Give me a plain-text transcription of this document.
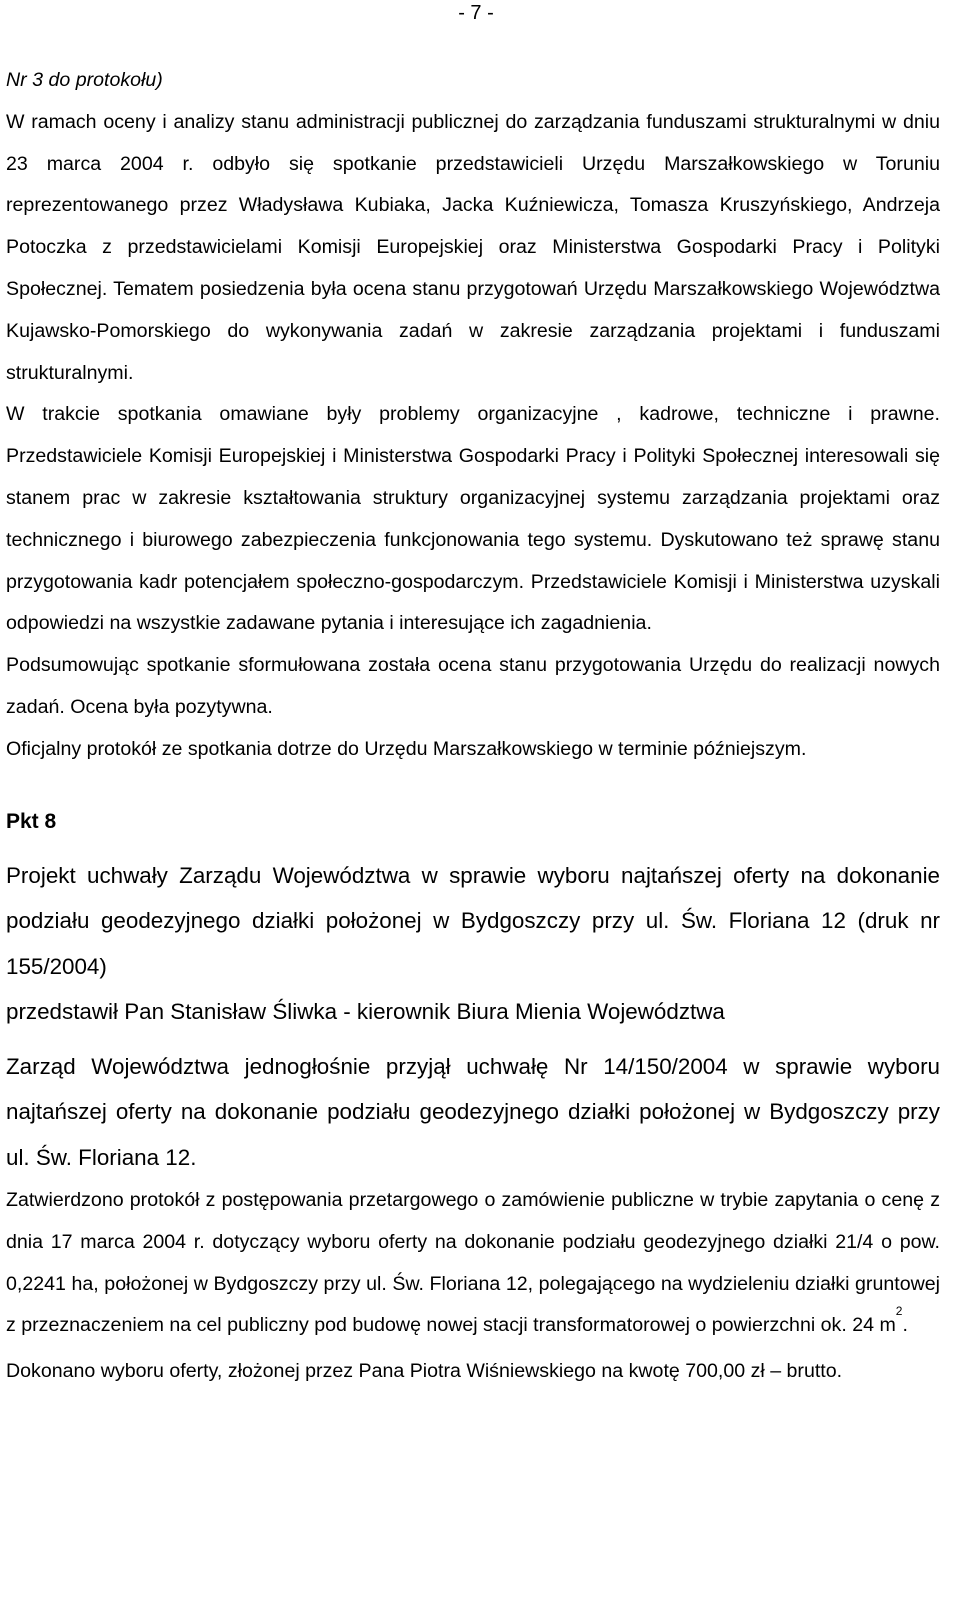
- 7 -

Nr 3 do protokołu)

W ramach oceny i analizy stanu administracji publicznej do zarządzania funduszami strukturalnymi w dniu 23 marca 2004 r. odbyło się spotkanie przedstawicieli Urzędu Marszałkowskiego w Toruniu reprezentowanego przez Władysława Kubiaka, Jacka Kuźniewicza, Tomasza Kruszyńskiego, Andrzeja Potoczka z przedstawicielami Komisji Europejskiej oraz Ministerstwa Gospodarki Pracy i Polityki Społecznej. Tematem posiedzenia była ocena stanu przygotowań Urzędu Marszałkowskiego Województwa Kujawsko-Pomorskiego do wykonywania zadań w zakresie zarządzania projektami i funduszami strukturalnymi.

W trakcie spotkania omawiane były problemy organizacyjne , kadrowe, techniczne i prawne. Przedstawiciele Komisji Europejskiej i Ministerstwa Gospodarki Pracy i Polityki Społecznej interesowali się stanem prac w zakresie kształtowania struktury organizacyjnej systemu zarządzania projektami oraz technicznego i biurowego zabezpieczenia funkcjonowania tego systemu. Dyskutowano też sprawę stanu przygotowania kadr potencjałem społeczno-gospodarczym. Przedstawiciele Komisji i Ministerstwa uzyskali odpowiedzi na wszystkie zadawane pytania i interesujące ich zagadnienia.

Podsumowując spotkanie sformułowana została ocena stanu przygotowania Urzędu do realizacji nowych zadań. Ocena była pozytywna.

Oficjalny protokół ze spotkania dotrze do Urzędu Marszałkowskiego w terminie późniejszym.

Pkt 8

Projekt uchwały Zarządu Województwa w sprawie wyboru najtańszej oferty na dokonanie podziału geodezyjnego działki położonej w Bydgoszczy przy ul. Św. Floriana 12 (druk nr 155/2004)

przedstawił Pan Stanisław Śliwka - kierownik Biura Mienia Województwa

Zarząd Województwa jednogłośnie przyjął uchwałę Nr 14/150/2004 w sprawie wyboru najtańszej oferty na dokonanie podziału geodezyjnego działki położonej w Bydgoszczy przy ul. Św. Floriana 12.

Zatwierdzono protokół z postępowania przetargowego o zamówienie publiczne w trybie zapytania o cenę z dnia 17 marca 2004 r. dotyczący wyboru oferty na dokonanie podziału geodezyjnego działki 21/4 o pow. 0,2241 ha, położonej w Bydgoszczy przy ul. Św. Floriana 12, polegającego na wydzieleniu działki gruntowej z przeznaczeniem na cel publiczny pod budowę nowej stacji transformatorowej o powierzchni ok. 24 $m^2$.

Dokonano wyboru oferty, złożonej przez Pana Piotra Wiśniewskiego na kwotę 700,00 zł – brutto.
